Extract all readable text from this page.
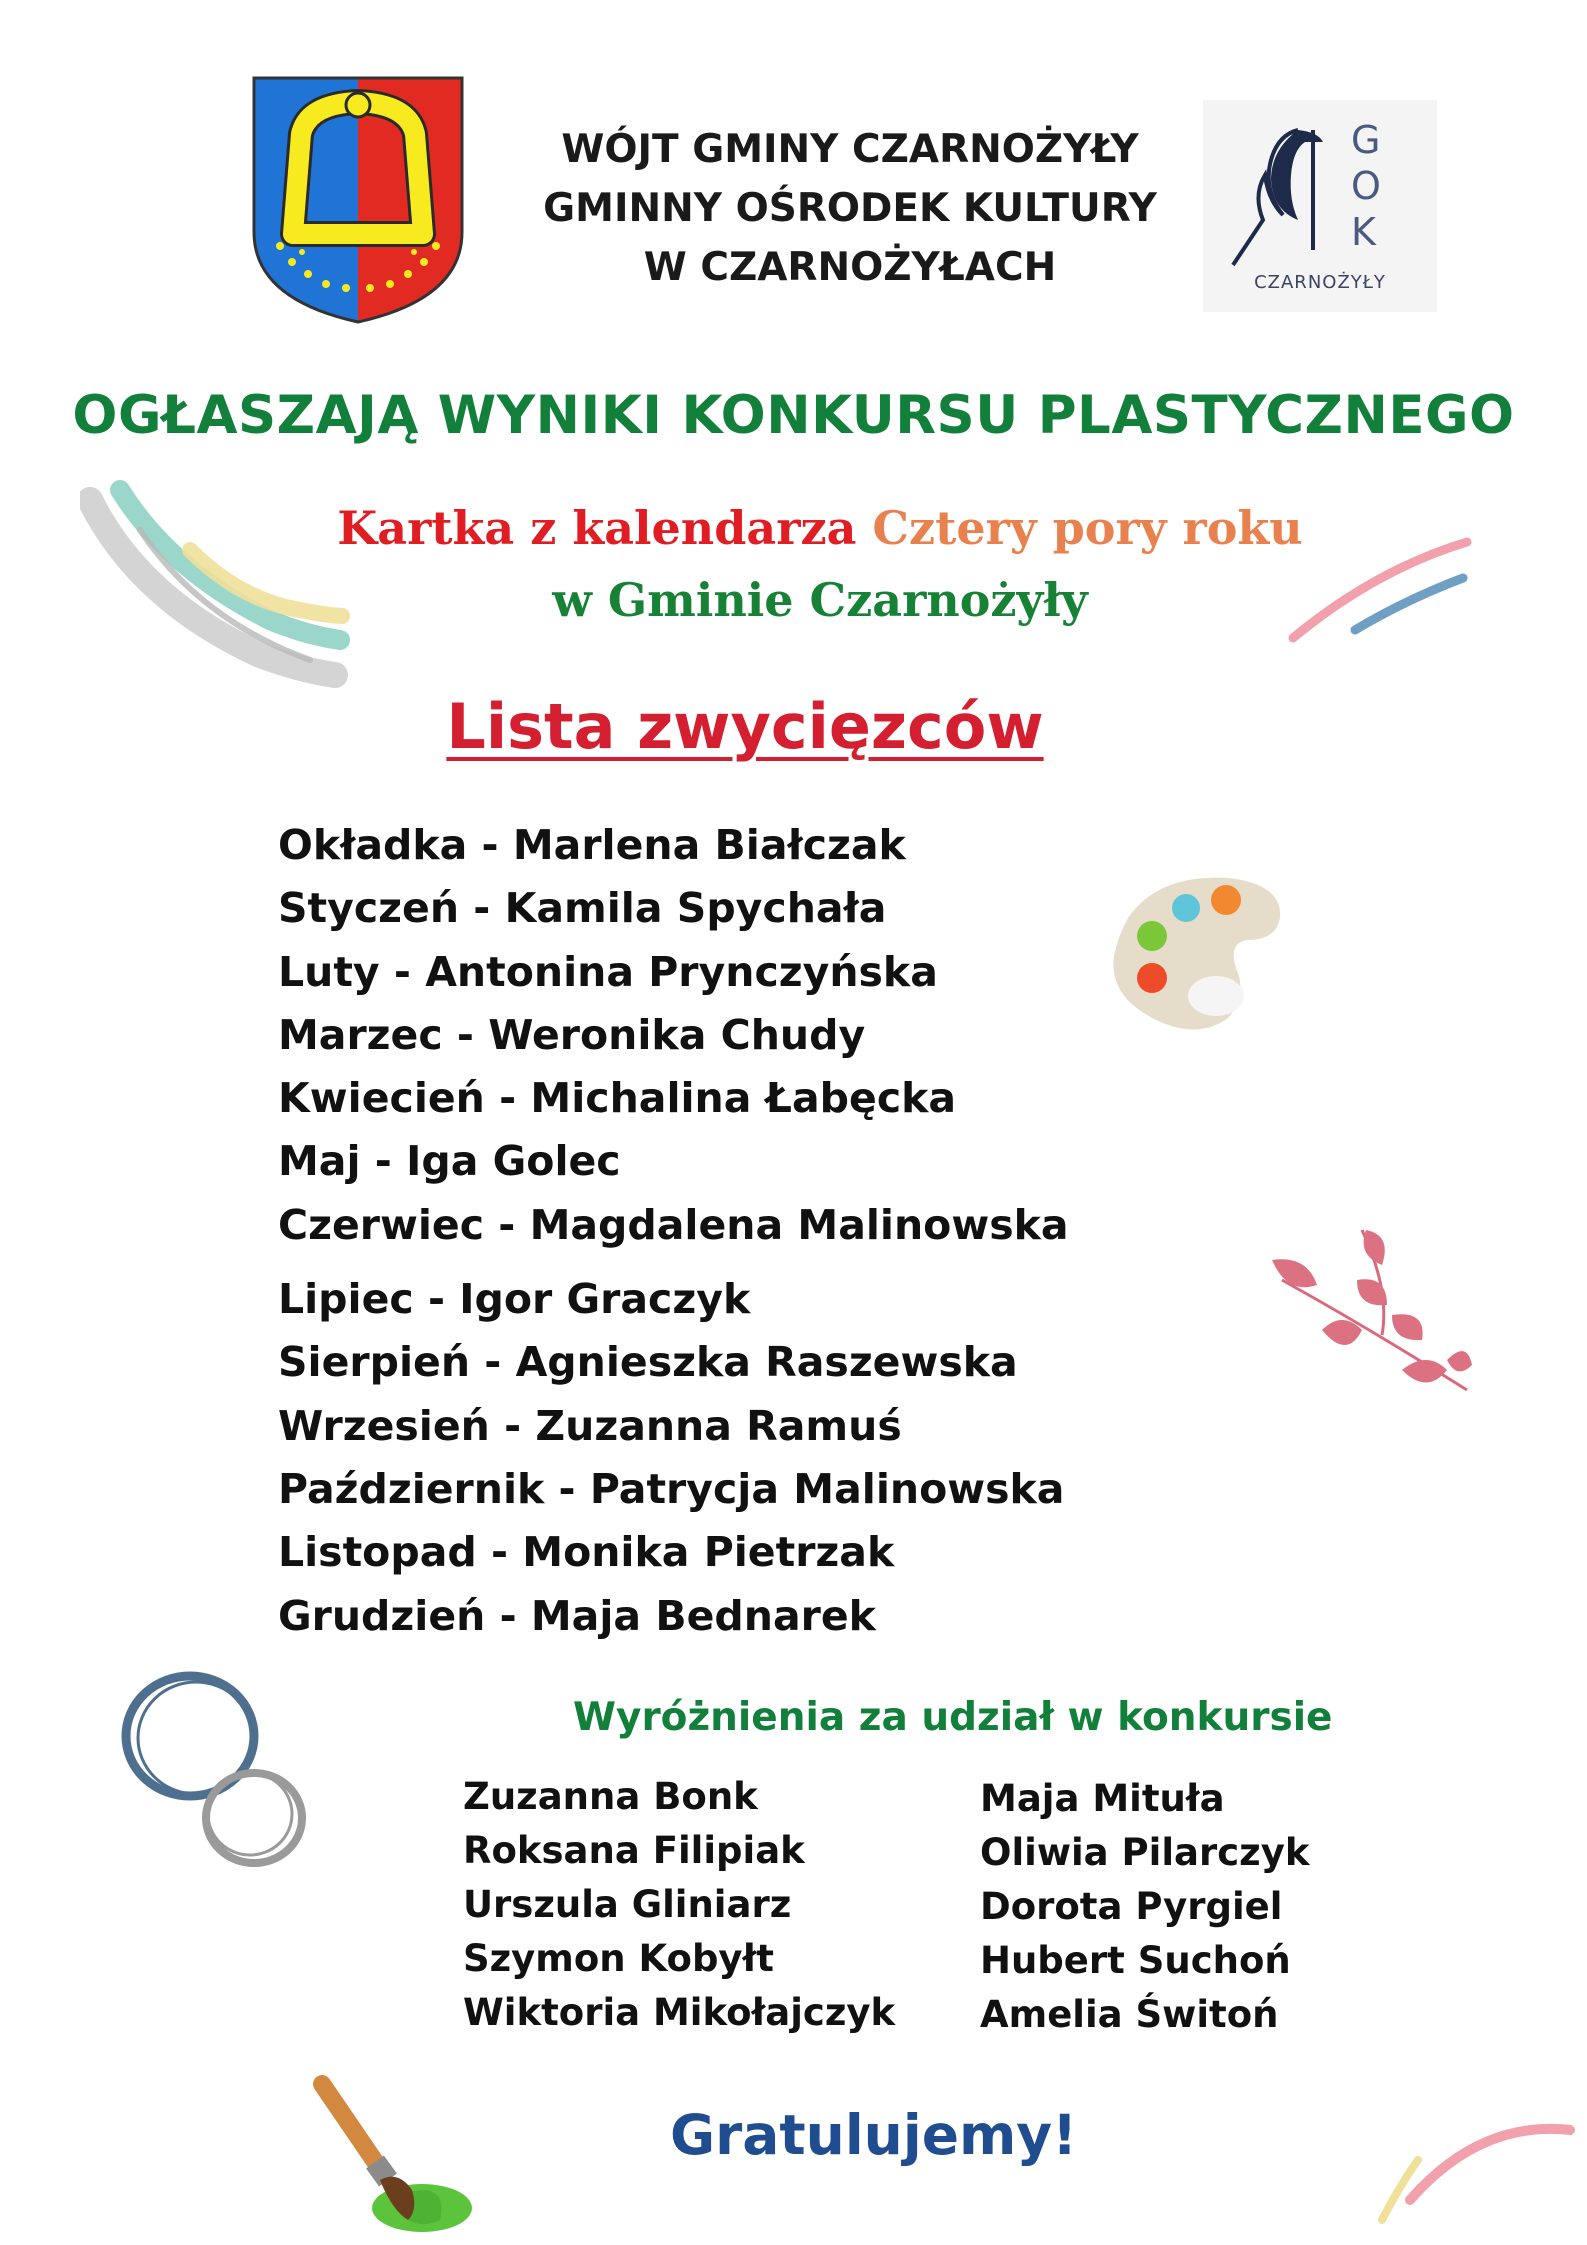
WÓJT GMINY CZARNOŻYŁY
GMINNY OŚRODEK KULTURY
W CZARNOŻYŁACH
G
O
K
CZARNOŻYŁY
OGŁASZAJĄ WYNIKI KONKURSU PLASTYCZNEGO
Kartka z kalendarza Cztery pory roku
w Gminie Czarnożyły
Lista zwycięzców
Okładka - Marlena Białczak
Styczeń - Kamila Spychała
Luty - Antonina Prynczyńska
Marzec - Weronika Chudy
Kwiecień - Michalina Łabęcka
Maj - Iga Golec
Czerwiec - Magdalena Malinowska
Lipiec - Igor Graczyk
Sierpień - Agnieszka Raszewska
Wrzesień - Zuzanna Ramuś
Październik - Patrycja Malinowska
Listopad - Monika Pietrzak
Grudzień - Maja Bednarek
Wyróżnienia za udział w konkursie
Zuzanna Bonk
Roksana Filipiak
Urszula Gliniarz
Szymon Kobyłt
Wiktoria Mikołajczyk
Maja Mituła
Oliwia Pilarczyk
Dorota Pyrgiel
Hubert Suchoń
Amelia Świtoń
Gratulujemy!
